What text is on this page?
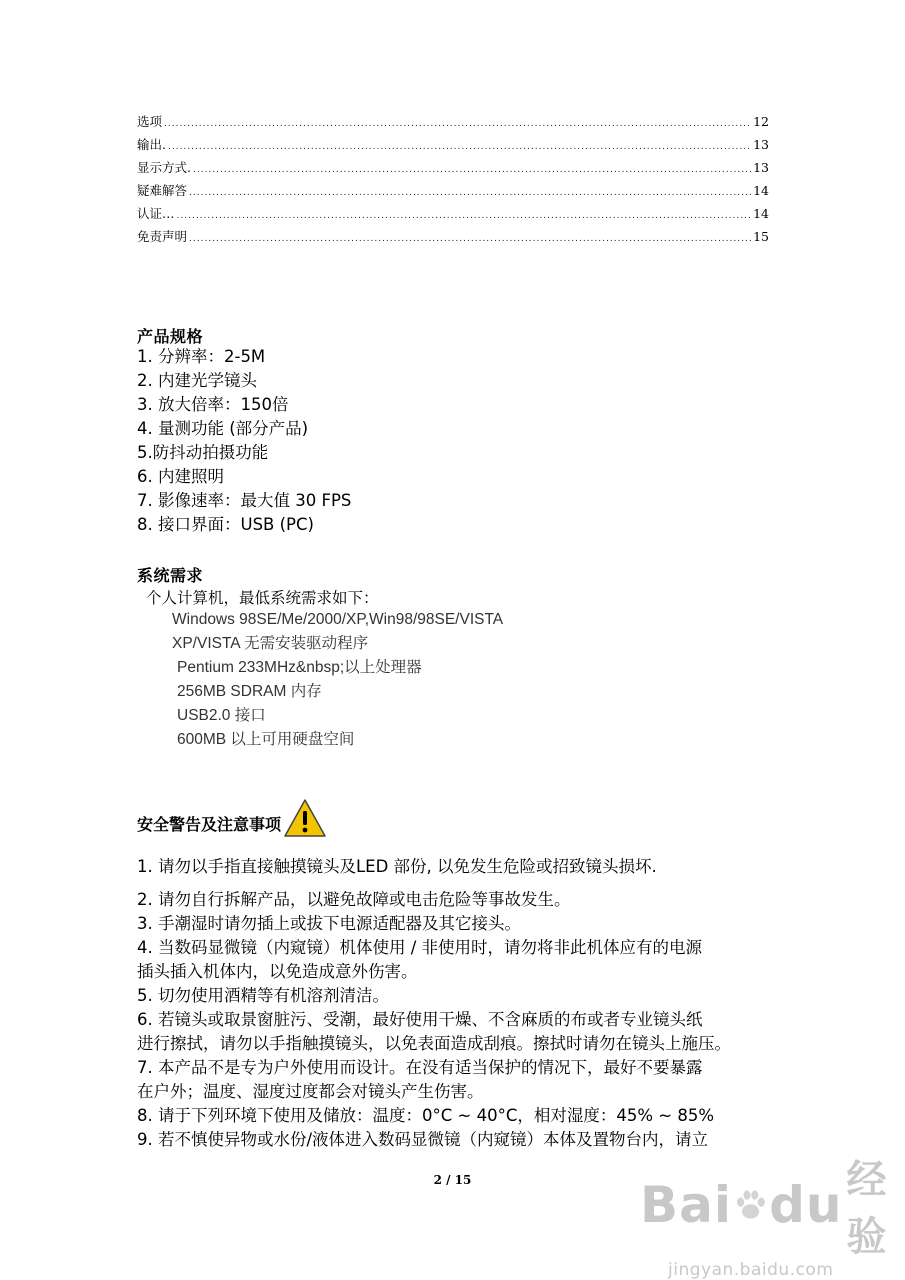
选项 .....	12
输出. .....	13
显示方式. .....	13
疑难解答 .....	14
认证… .....	14
免责声明 .....	15
产品规格
1. 分辨率：2-5M
2. 内建光学镜头
3. 放大倍率：150倍
4. 量测功能 (部分产品)
5.防抖动拍摄功能
6. 内建照明
7. 影像速率：最大值 30 FPS
8. 接口界面：USB (PC)
系统需求
个人计算机，最低系统需求如下：
Windows 98SE/Me/2000/XP,Win98/98SE/VISTA
XP/VISTA 无需安装驱动程序
Pentium 233MHz&nbsp;以上处理器
256MB SDRAM 内存
USB2.0 接口
600MB 以上可用硬盘空间
安全警告及注意事项
1. 请勿以手指直接触摸镜头及LED 部份, 以免发生危险或招致镜头损坏.
2. 请勿自行拆解产品，以避免故障或电击危险等事故发生。
3. 手潮湿时请勿插上或拔下电源适配器及其它接头。
4. 当数码显微镜（内窥镜）机体使用 / 非使用时，请勿将非此机体应有的电源
插头插入机体内，以免造成意外伤害。
5. 切勿使用酒精等有机溶剂清洁。
6. 若镜头或取景窗脏污、受潮，最好使用干燥、不含麻质的布或者专业镜头纸
进行擦拭，请勿以手指触摸镜头，以免表面造成刮痕。擦拭时请勿在镜头上施压。
7. 本产品不是专为户外使用而设计。在没有适当保护的情况下，最好不要暴露
在户外；温度、湿度过度都会对镜头产生伤害。
8. 请于下列环境下使用及储放：温度：0°C ~ 40°C，相对湿度：45% ~ 85%
9. 若不慎使异物或水份/液体进入数码显微镜（内窥镜）本体及置物台内，请立
2 / 15	Bai du 经验
jingyan.baidu.com
